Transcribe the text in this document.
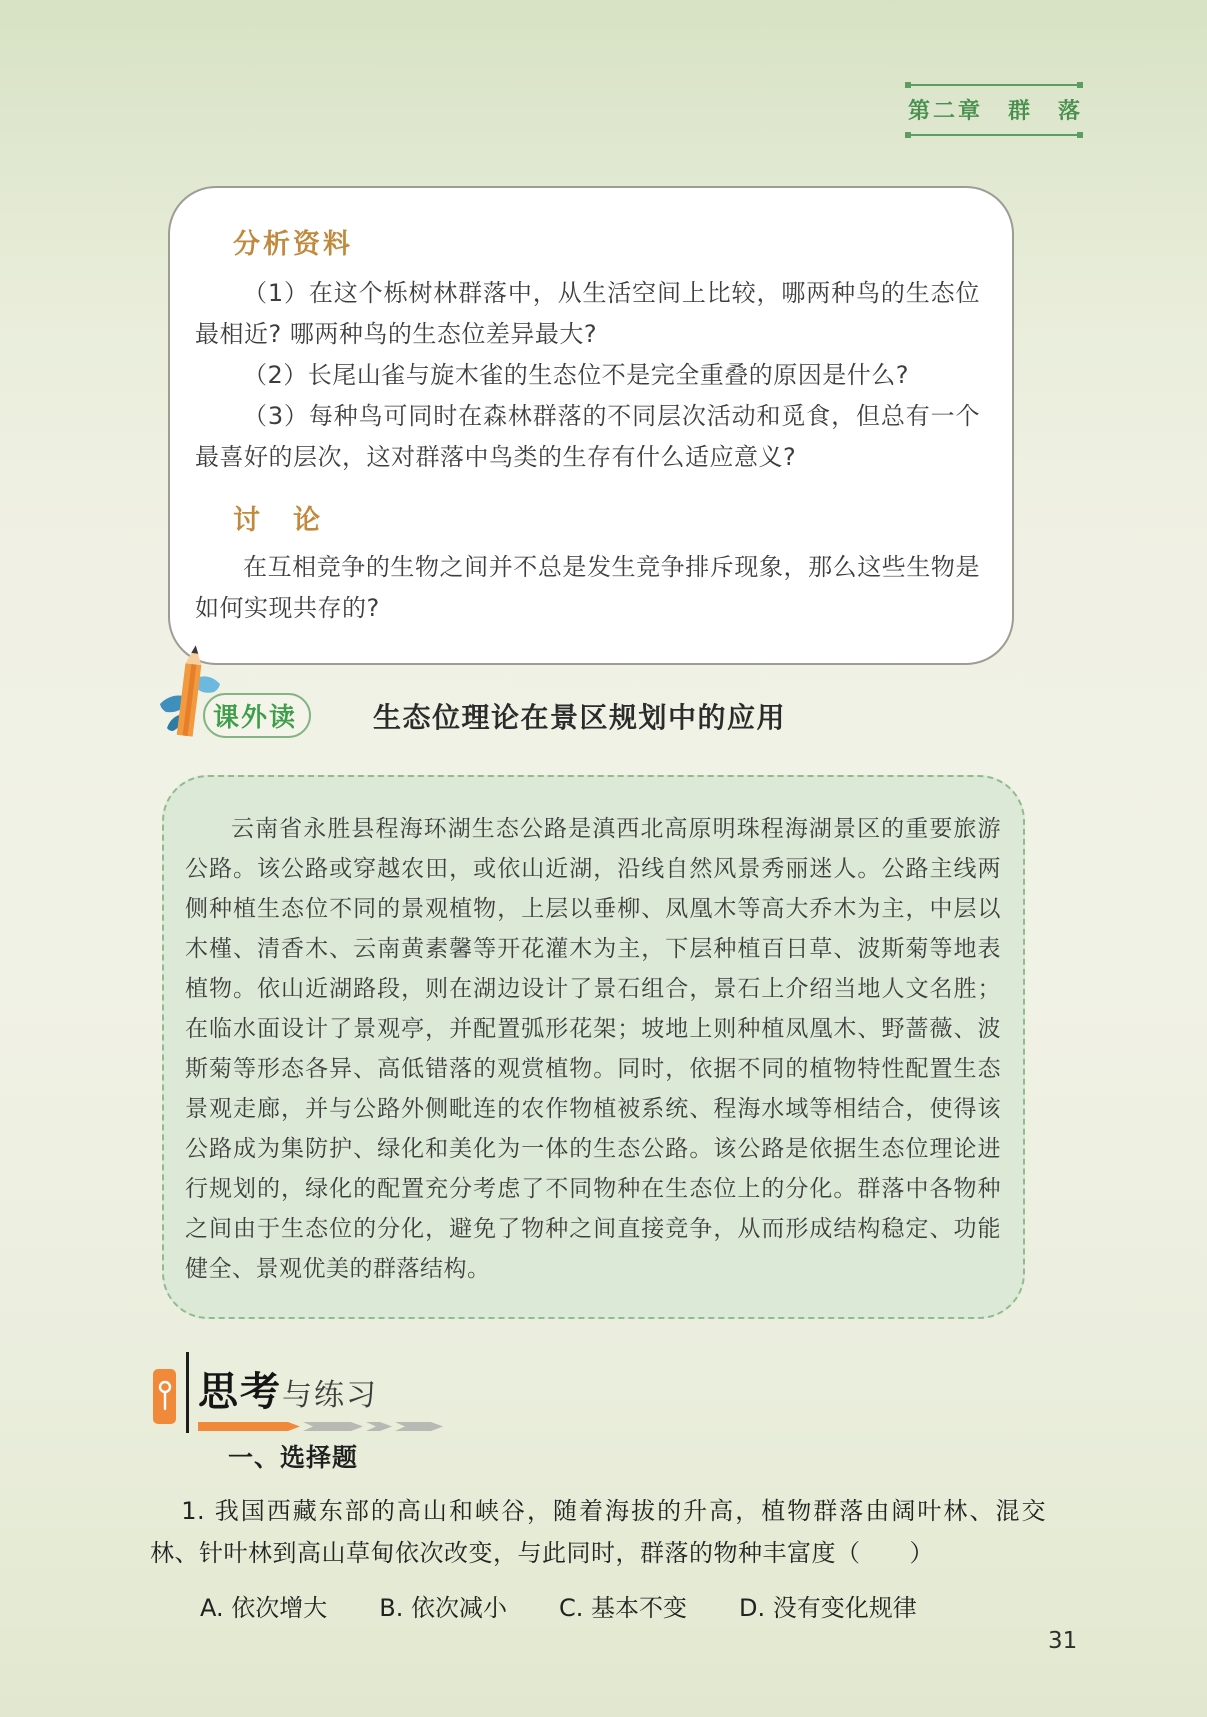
第二章　群　落
分析资料

（1）在这个栎树林群落中，从生活空间上比较，哪两种鸟的生态位最相近? 哪两种鸟的生态位差异最大?

（2）长尾山雀与旋木雀的生态位不是完全重叠的原因是什么?

（3）每种鸟可同时在森林群落的不同层次活动和觅食，但总有一个最喜好的层次，这对群落中鸟类的生存有什么适应意义?

讨　论

在互相竞争的生物之间并不总是发生竞争排斥现象，那么这些生物是如何实现共存的?

课外读	生态位理论在景区规划中的应用

云南省永胜县程海环湖生态公路是滇西北高原明珠程海湖景区的重要旅游公路。该公路或穿越农田，或依山近湖，沿线自然风景秀丽迷人。公路主线两侧种植生态位不同的景观植物，上层以垂柳、凤凰木等高大乔木为主，中层以木槿、清香木、云南黄素馨等开花灌木为主，下层种植百日草、波斯菊等地表植物。依山近湖路段，则在湖边设计了景石组合，景石上介绍当地人文名胜；在临水面设计了景观亭，并配置弧形花架；坡地上则种植凤凰木、野蔷薇、波斯菊等形态各异、高低错落的观赏植物。同时，依据不同的植物特性配置生态景观走廊，并与公路外侧毗连的农作物植被系统、程海水域等相结合，使得该公路成为集防护、绿化和美化为一体的生态公路。该公路是依据生态位理论进行规划的，绿化的配置充分考虑了不同物种在生态位上的分化。群落中各物种之间由于生态位的分化，避免了物种之间直接竞争，从而形成结构稳定、功能健全、景观优美的群落结构。

思考与练习

一、选择题

1. 我国西藏东部的高山和峡谷，随着海拔的升高，植物群落由阔叶林、混交林、针叶林到高山草甸依次改变，与此同时，群落的物种丰富度（　　）

A. 依次增大 B. 依次减小 C. 基本不变 D. 没有变化规律
31
